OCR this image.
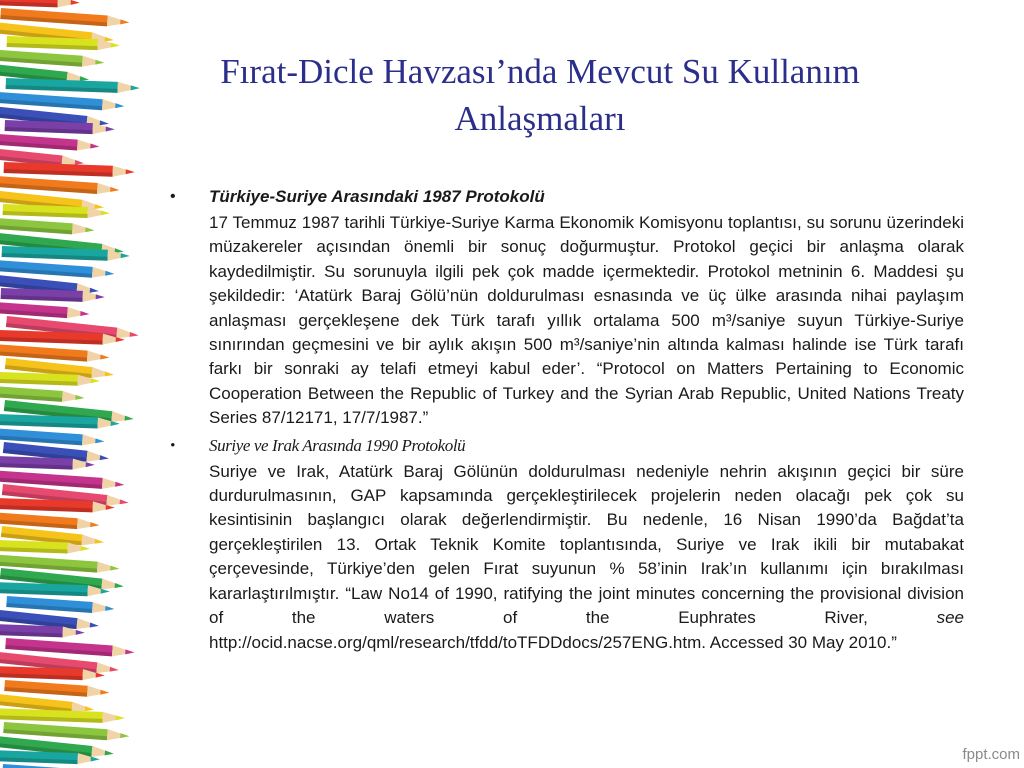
Fırat-Dicle Havzası’nda Mevcut Su Kullanım
Anlaşmaları
• Türkiye-Suriye Arasındaki 1987 Protokolü
17 Temmuz 1987 tarihli Türkiye-Suriye Karma Ekonomik Komisyonu toplantısı, su sorunu üzerindeki müzakereler açısından önemli bir sonuç doğurmuştur. Protokol geçici bir anlaşma olarak kaydedilmiştir. Su sorunuyla ilgili pek çok madde içermektedir. Protokol metninin 6. Maddesi şu şekildedir: ‘Atatürk Baraj Gölü’nün doldurulması esnasında ve üç ülke arasında nihai paylaşım anlaşması gerçekleşene dek Türk tarafı yıllık ortalama 500 m³/saniye suyun Türkiye-Suriye sınırından geçmesini ve bir aylık akışın 500 m³/saniye’nin altında kalması halinde ise Türk tarafı farkı bir sonraki ay telafi etmeyi kabul eder’. “Protocol on Matters Pertaining to Economic Cooperation Between the Republic of Turkey and the Syrian Arab Republic, United Nations Treaty Series 87/12171, 17/7/1987.”
• Suriye ve Irak Arasında 1990 Protokolü
Suriye ve Irak, Atatürk Baraj Gölünün doldurulması nedeniyle nehrin akışının geçici bir süre durdurulmasının, GAP kapsamında gerçekleştirilecek projelerin neden olacağı pek çok su kesintisinin başlangıcı olarak değerlendirmiştir. Bu nedenle, 16 Nisan 1990’da Bağdat’ta gerçekleştirilen 13. Ortak Teknik Komite toplantısında, Suriye ve Irak ikili bir mutabakat çerçevesinde, Türkiye’den gelen Fırat suyunun % 58’inin Irak’ın kullanımı için bırakılması kararlaştırılmıştır. “Law No14 of 1990, ratifying the joint minutes concerning the provisional division of the waters of the Euphrates River,	see http://ocid.nacse.org/qml/research/tfdd/toTFDDdocs/257ENG.htm. Accessed 30 May 2010.”
fppt.com
